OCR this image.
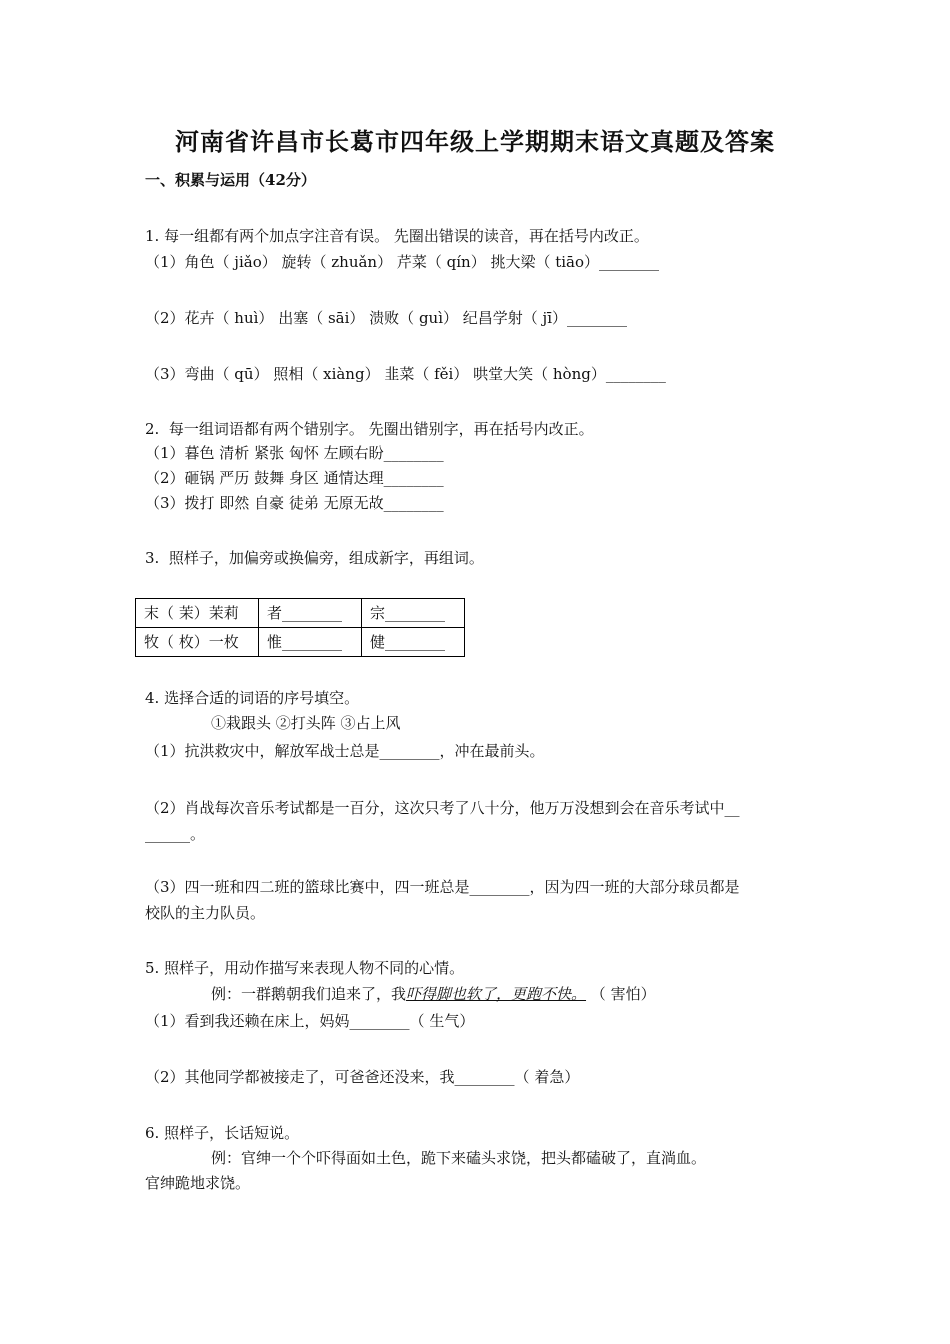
河南省许昌市长葛市四年级上学期期末语文真题及答案
一、积累与运用（42分）
1. 每一组都有两个加点字注音有误。 先圈出错误的读音，再在括号内改正。
（1）角色（ jiǎo） 旋转（ zhuǎn） 芹菜（ qín） 挑大梁（ tiāo）________
（2）花卉（ huì） 出塞（ sāi） 溃败（ guì） 纪昌学射（ jī）________
（3）弯曲（ qū） 照相（ xiàng） 韭菜（ fěi） 哄堂大笑（ hòng）________
2.  每一组词语都有两个错别字。 先圈出错别字，再在括号内改正。
（1）暮色 清析 紧张 匈怀 左顾右盼________
（2）砸锅 严历 鼓舞 身区 通情达理________
（3）拨打 即然 自豪 徒弟 无原无故________
3.  照样子，加偏旁或换偏旁，组成新字，再组词。
末（ 茉）茉莉	者________	宗________
牧（ 枚）一枚	惟________	健________
4. 选择合适的词语的序号填空。
①栽跟头 ②打头阵 ③占上风
（1）抗洪救灾中，解放军战士总是________，冲在最前头。
（2）肖战每次音乐考试都是一百分，这次只考了八十分，他万万没想到会在音乐考试中__
______。
（3）四一班和四二班的篮球比赛中，四一班总是________，因为四一班的大部分球员都是
校队的主力队员。
5. 照样子，用动作描写来表现人物不同的心情。
例：一群鹅朝我们追来了，我吓得脚也软了，更跑不快。 （ 害怕）
（1）看到我还赖在床上，妈妈________（ 生气）
（2）其他同学都被接走了，可爸爸还没来，我________（ 着急）
6. 照样子，长话短说。
例：官绅一个个吓得面如土色，跪下来磕头求饶，把头都磕破了，直淌血。
官绅跪地求饶。
